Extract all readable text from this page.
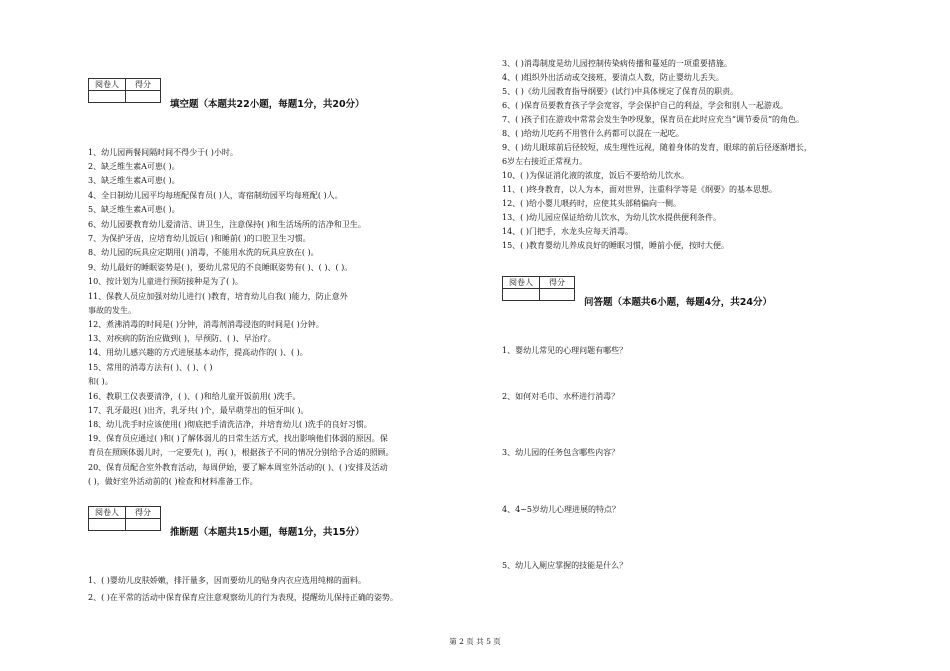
阅卷人	得分

填空题（本题共22小题，每题1分，共20分）
1、幼儿园两餐间隔时间不得少于( )小时。
2、缺乏维生素A可患( )。
3、缺乏维生素A可患( )。
4、全日制幼儿园平均每班配保育员( )人，寄宿制幼园平均每班配( )人。
5、缺乏维生素A可患( )。
6、幼儿园要教育幼儿爱清洁、讲卫生，注意保持( )和生活场所的洁净和卫生。
7、为保护牙齿，应培育幼儿饭后( )和睡前( )的口腔卫生习惯。
8、幼儿园的玩具应定期用( )消毒，不能用水洗的玩具应放在( )。
9、幼儿最好的睡眠姿势是( )，要幼儿常见的不良睡眠姿势有( )、( )、( )。
10、按计划为儿童进行预防接种是为了( )。
11、保教人员应加强对幼儿进行( )教育，培育幼儿自我( )能力，防止意外
事故的发生。
12、煮沸消毒的时间是( )分钟，消毒剂消毒浸泡的时间是( )分钟。
13、对疾病的防治应做到( )，早预防、( )、早治疗。
14、用幼儿感兴趣的方式进展基本动作，提高动作的( )、( )。
15、常用的消毒方法有( )、( )、( )
和( )。
16、教职工仪表要清净，( )、( )和给儿童开饭前用( )洗手。
17、乳牙最迟( )出齐，乳牙共( )个，最早萌芽出的恒牙叫( )。
18、幼儿洗手时应该使用( )彻底把手清洗洁净，并培育幼儿( )洗手的良好习惯。
19、保育员应通过( )和( )了解体弱儿的日常生活方式，找出影响他们体弱的原因。保
育员在照顾体弱儿时，一定要先( )，再( )，根据孩子不同的情况分别给予合适的照顾。
20、保育员配合室外教育活动，每周伊始，要了解本周室外活动的( )、( )安排及活动
( )，做好室外活动前的( )检查和材料准备工作。
阅卷人	得分

推断题（本题共15小题，每题1分，共15分）
1、( )婴幼儿皮肤娇嫩，排汗量多，因而要幼儿的贴身内衣应选用纯棉的面料。
2、( )在平常的活动中保育保育应注意观察幼儿的行为表现，提醒幼儿保持正确的姿势。
3、( )消毒制度是幼儿园控制传染病传播和蔓延的一项重要措施。
4、( )组织外出活动或交接班，要清点人数，防止婴幼儿丢失。
5、( )《幼儿园教育指导纲要》(试行)中具体规定了保育员的职责。
6、( )保育员要教育孩子学会宽容，学会保护自己的利益，学会和别人一起游戏。
7、( )孩子们在游戏中常常会发生争吵现象，保育员在此时应充当“调节委员”的角色。
8、( )给幼儿吃药不用管什么药都可以混在一起吃。
9、( )幼儿眼球前后径较短，成生理性远视，随着身体的发育，眼球的前后径逐渐增长，
6岁左右接近正常视力。
10、( )为保证消化液的浓度，饭后不要给幼儿饮水。
11、( )终身教育，以人为本，面对世界，注重科学等是《纲要》的基本思想。
12、( )给小婴儿喂药时，应使其头部稍偏向一侧。
13、( )幼儿园应保证给幼儿饮水，为幼儿饮水提供便利条件。
14、( )门把手，水龙头应每天消毒。
15、( )教育婴幼儿养成良好的睡眠习惯，睡前小便，按时大便。
阅卷人	得分

问答题（本题共6小题，每题4分，共24分）
1、婴幼儿常见的心理问题有哪些？
2、如何对毛巾、水杯进行消毒？
3、幼儿园的任务包含哪些内容？
4、4~5岁幼儿心理进展的特点？
5、幼儿入厕应掌握的技能是什么？
第 2 页 共 5 页
